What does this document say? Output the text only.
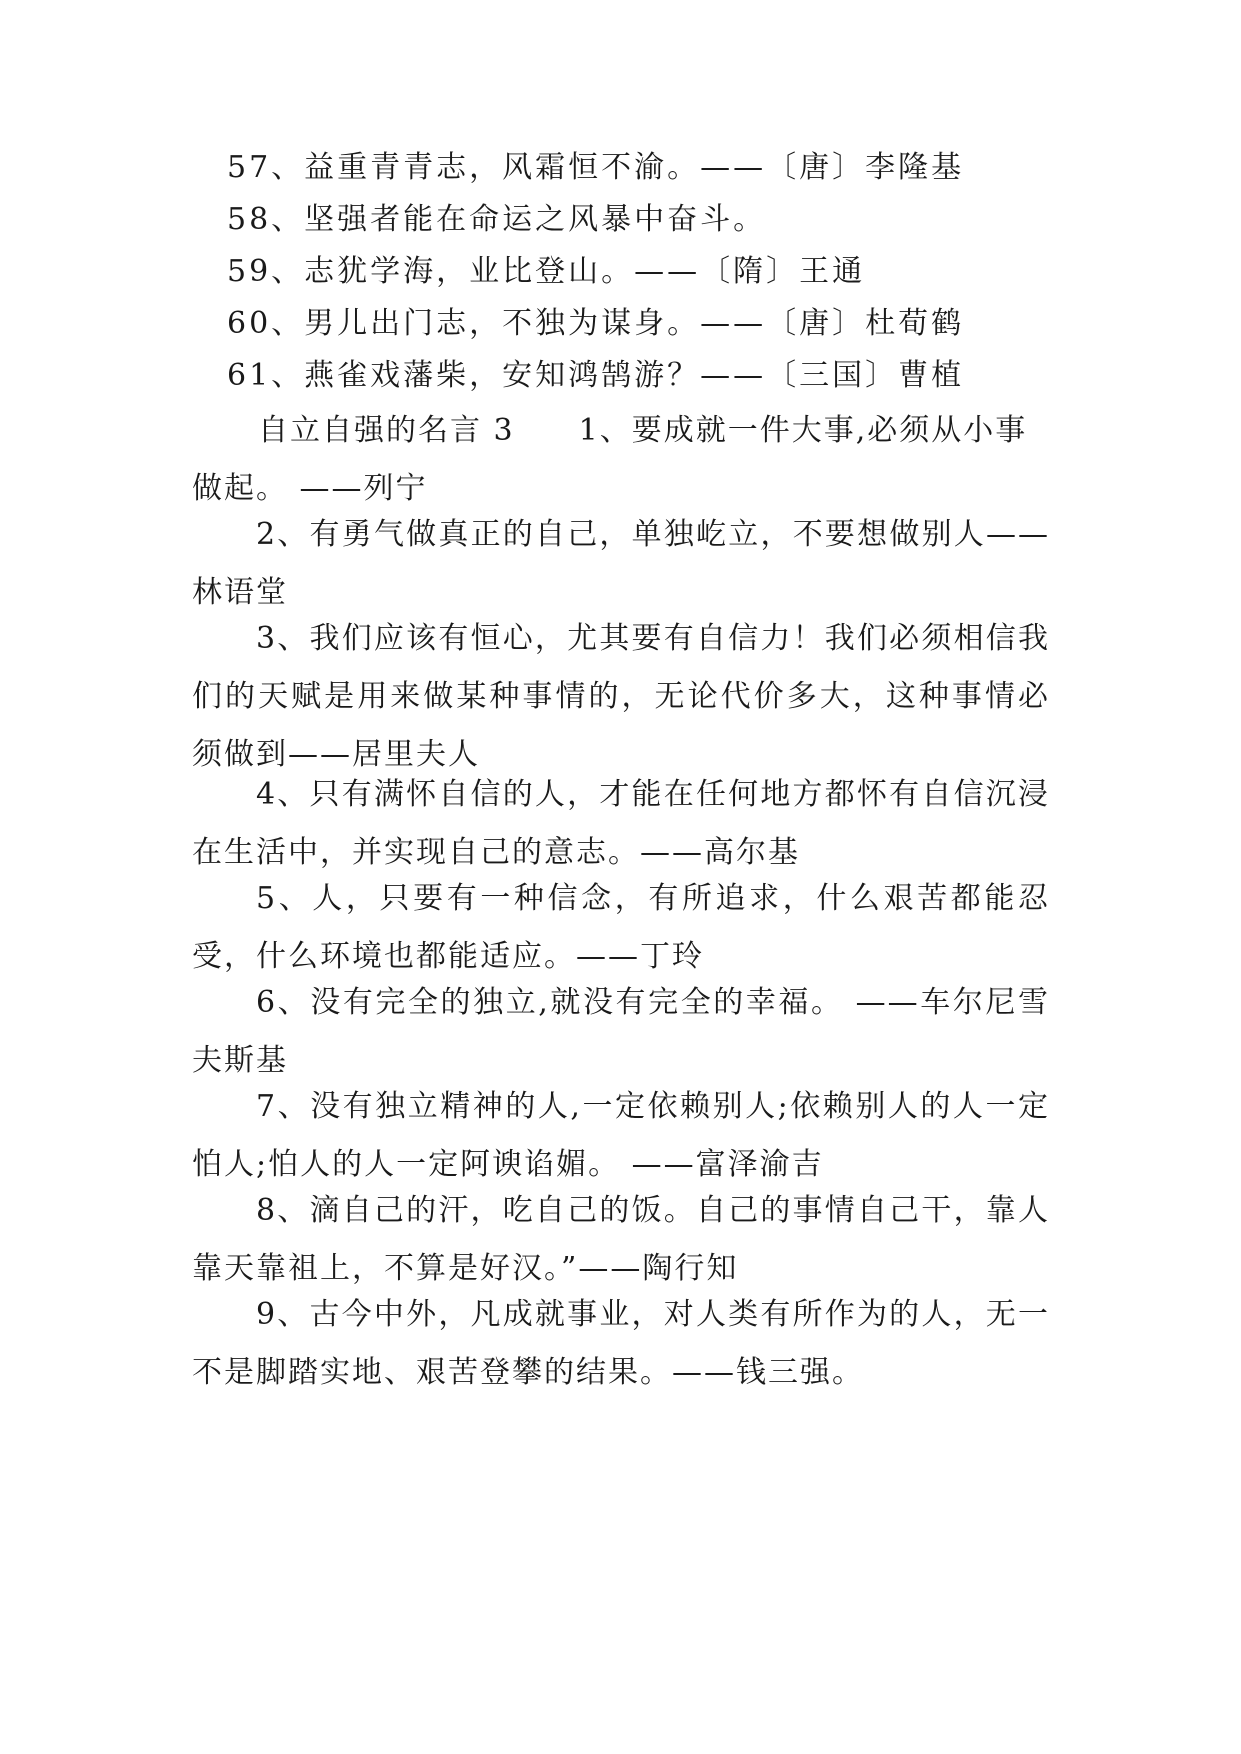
57、益重青青志，风霜恒不渝。——〔唐〕李隆基
58、坚强者能在命运之风暴中奋斗。
59、志犹学海，业比登山。——〔隋〕王通
60、男儿出门志，不独为谋身。——〔唐〕杜荀鹤
61、燕雀戏藩柴，安知鸿鹄游？——〔三国〕曹植
自立自强的名言 3 1、要成就一件大事,必须从小事做起。 ——列宁
2、有勇气做真正的自己，单独屹立，不要想做别人——林语堂
3、我们应该有恒心，尤其要有自信力！我们必须相信我们的天赋是用来做某种事情的，无论代价多大，这种事情必须做到——居里夫人
4、只有满怀自信的人，才能在任何地方都怀有自信沉浸在生活中，并实现自己的意志。——高尔基
5、人，只要有一种信念，有所追求，什么艰苦都能忍受，什么环境也都能适应。——丁玲
6、没有完全的独立,就没有完全的幸福。 ——车尔尼雪夫斯基
7、没有独立精神的人,一定依赖别人;依赖别人的人一定怕人;怕人的人一定阿谀谄媚。 ——富泽渝吉
8、滴自己的汗，吃自己的饭。自己的事情自己干，靠人靠天靠祖上，不算是好汉。”——陶行知
9、古今中外，凡成就事业，对人类有所作为的人，无一不是脚踏实地、艰苦登攀的结果。——钱三强。
